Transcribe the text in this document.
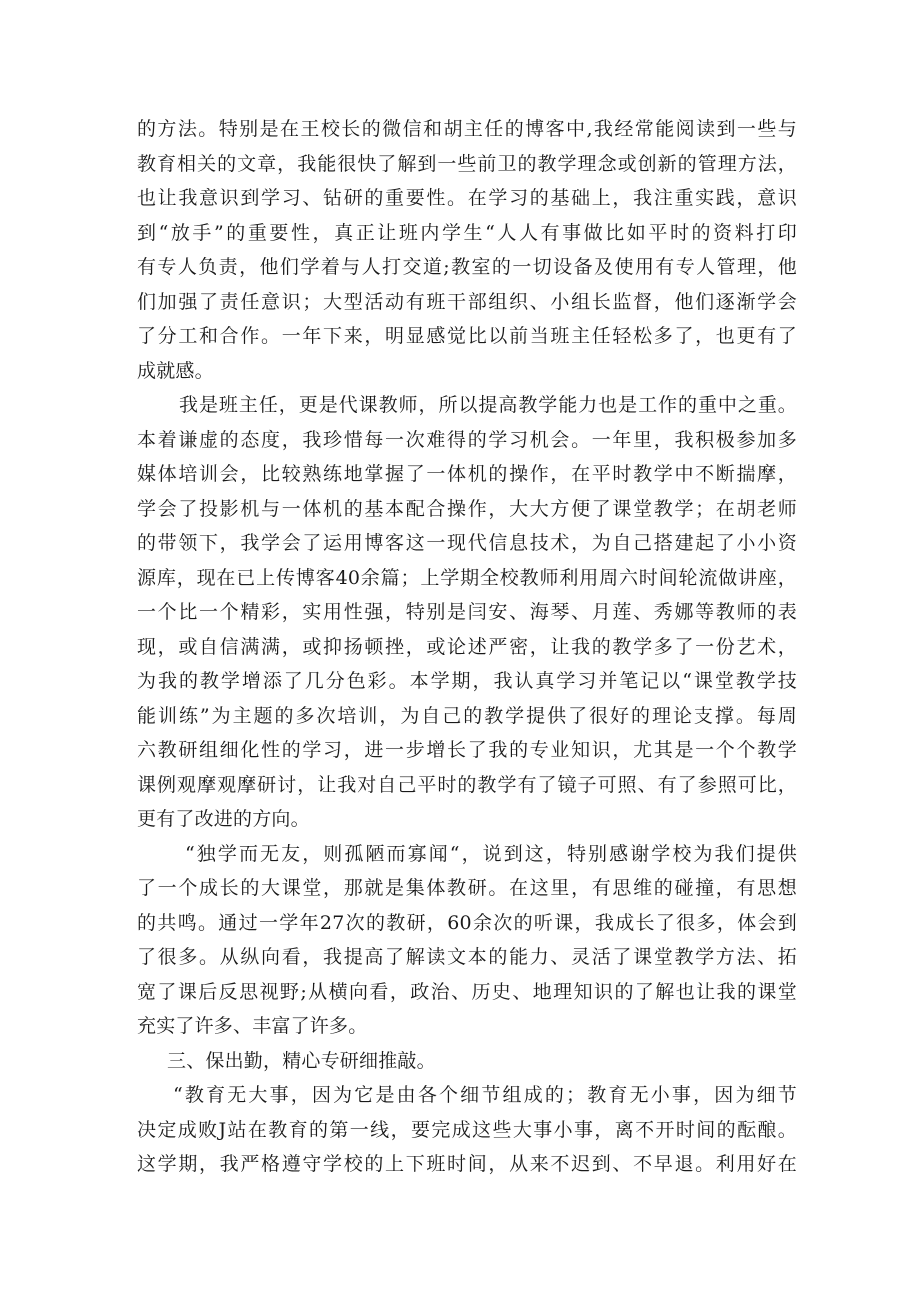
的方法。特别是在王校长的微信和胡主任的博客中,我经常能阅读到一些与
教育相关的文章，我能很快了解到一些前卫的教学理念或创新的管理方法，
也让我意识到学习、钻研的重要性。在学习的基础上，我注重实践，意识
到“放手”的重要性，真正让班内学生“人人有事做比如平时的资料打印
有专人负责，他们学着与人打交道;教室的一切设备及使用有专人管理，他
们加强了责任意识；大型活动有班干部组织、小组长监督，他们逐渐学会
了分工和合作。一年下来，明显感觉比以前当班主任轻松多了，也更有了
成就感。
我是班主任，更是代课教师，所以提高教学能力也是工作的重中之重。
本着谦虚的态度，我珍惜每一次难得的学习机会。一年里，我积极参加多
媒体培训会，比较熟练地掌握了一体机的操作，在平时教学中不断揣摩，
学会了投影机与一体机的基本配合操作，大大方便了课堂教学；在胡老师
的带领下，我学会了运用博客这一现代信息技术，为自己搭建起了小小资
源库，现在已上传博客40余篇；上学期全校教师利用周六时间轮流做讲座，
一个比一个精彩，实用性强，特别是闫安、海琴、月莲、秀娜等教师的表
现，或自信满满，或抑扬顿挫，或论述严密，让我的教学多了一份艺术，
为我的教学增添了几分色彩。本学期，我认真学习并笔记以“课堂教学技
能训练”为主题的多次培训，为自己的教学提供了很好的理论支撑。每周
六教研组细化性的学习，进一步增长了我的专业知识，尤其是一个个教学
课例观摩观摩研讨，让我对自己平时的教学有了镜子可照、有了参照可比，
更有了改进的方向。
“独学而无友，则孤陋而寡闻“，说到这，特别感谢学校为我们提供
了一个成长的大课堂，那就是集体教研。在这里，有思维的碰撞，有思想
的共鸣。通过一学年27次的教研，60余次的听课，我成长了很多，体会到
了很多。从纵向看，我提高了解读文本的能力、灵活了课堂教学方法、拓
宽了课后反思视野;从横向看，政治、历史、地理知识的了解也让我的课堂
充实了许多、丰富了许多。
三、保出勤，精心专研细推敲。
“教育无大事，因为它是由各个细节组成的；教育无小事，因为细节
决定成败J站在教育的第一线，要完成这些大事小事，离不开时间的酝酿。
这学期，我严格遵守学校的上下班时间，从来不迟到、不早退。利用好在
